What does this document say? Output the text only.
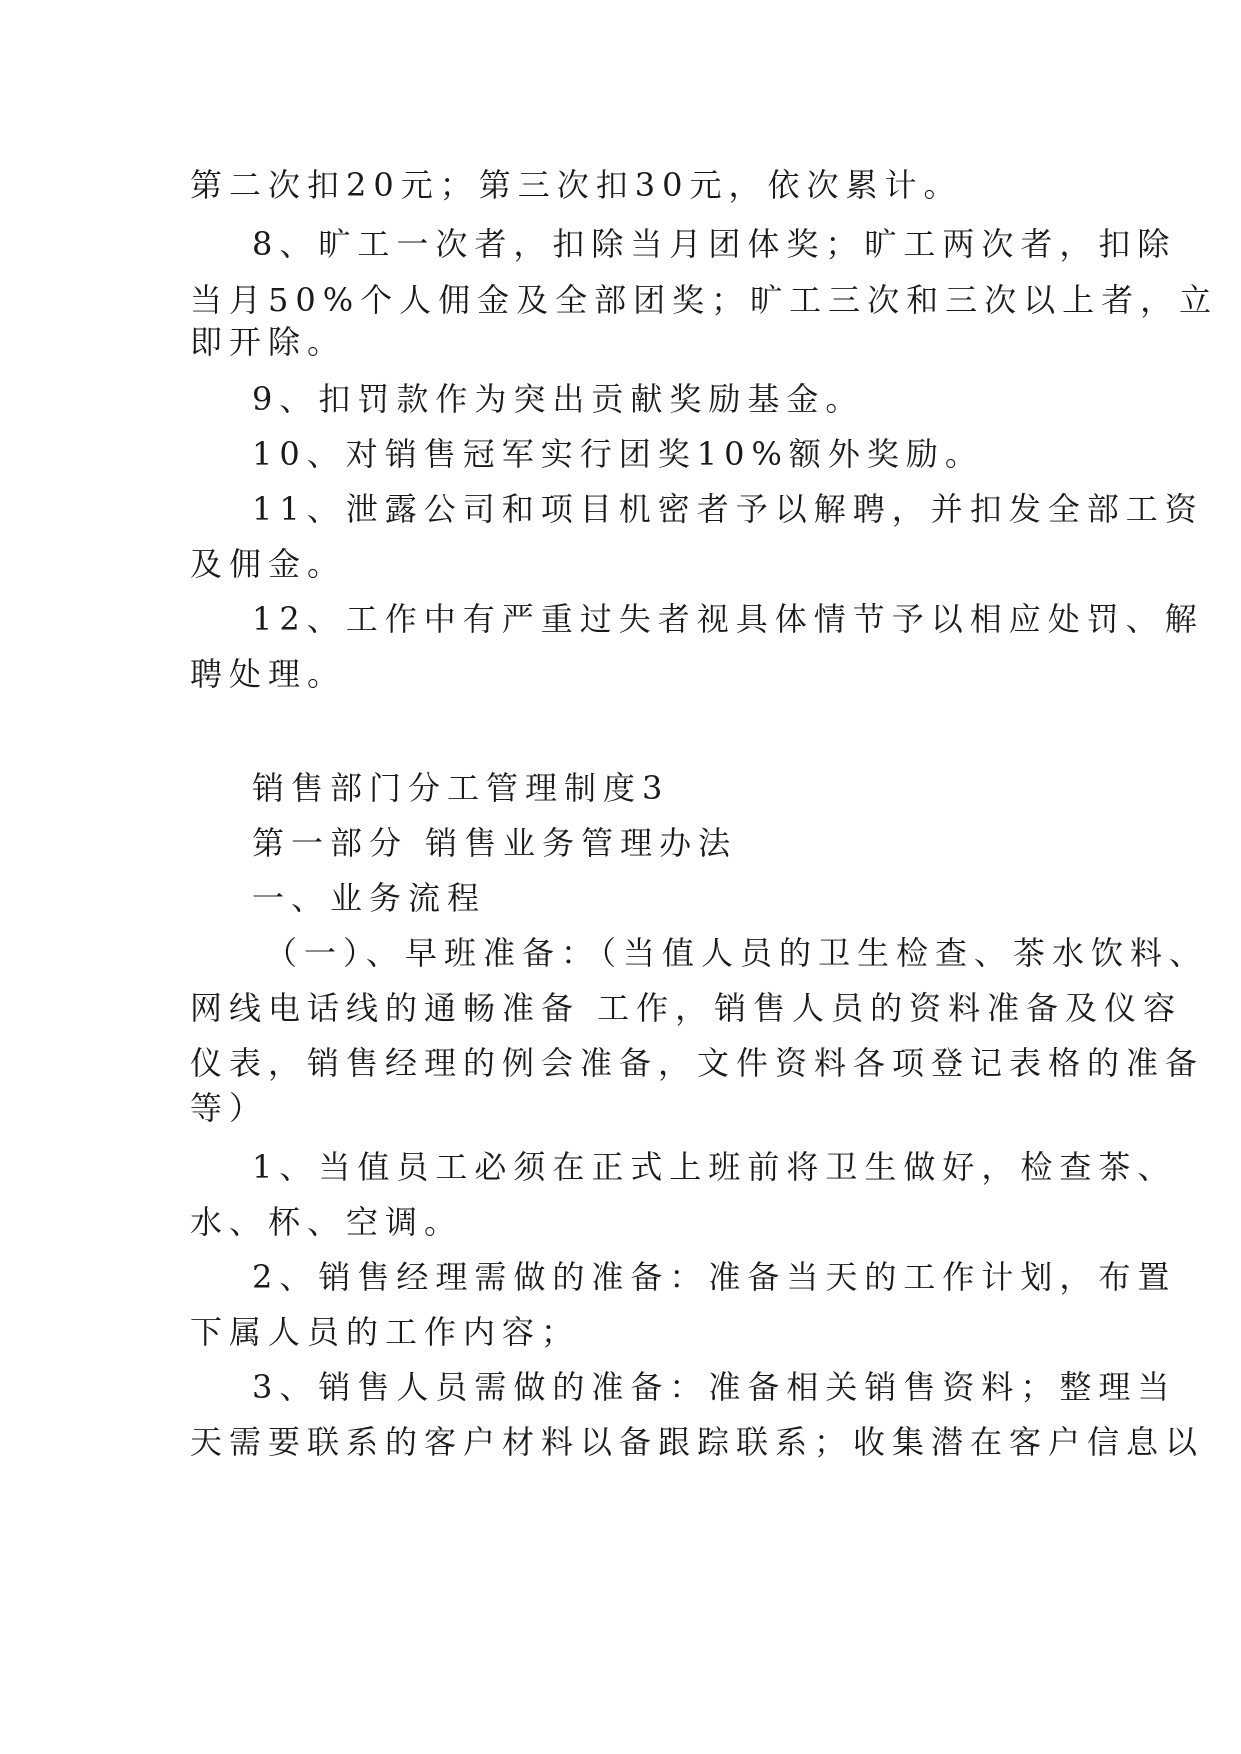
第二次扣20元；第三次扣30元，依次累计。
8、旷工一次者，扣除当月团体奖；旷工两次者，扣除
当月50%个人佣金及全部团奖；旷工三次和三次以上者，立
即开除。
9、扣罚款作为突出贡献奖励基金。
10、对销售冠军实行团奖10%额外奖励。
11、泄露公司和项目机密者予以解聘，并扣发全部工资
及佣金。
12、工作中有严重过失者视具体情节予以相应处罚、解
聘处理。
销售部门分工管理制度3
第一部分 销售业务管理办法
一、业务流程
（一）、早班准备：（当值人员的卫生检查、茶水饮料、
网线电话线的通畅准备 工作，销售人员的资料准备及仪容
仪表，销售经理的例会准备，文件资料各项登记表格的准备
等）
1、当值员工必须在正式上班前将卫生做好，检查茶、
水、杯、空调。
2、销售经理需做的准备：准备当天的工作计划，布置
下属人员的工作内容；
3、销售人员需做的准备：准备相关销售资料；整理当
天需要联系的客户材料以备跟踪联系；收集潜在客户信息以
